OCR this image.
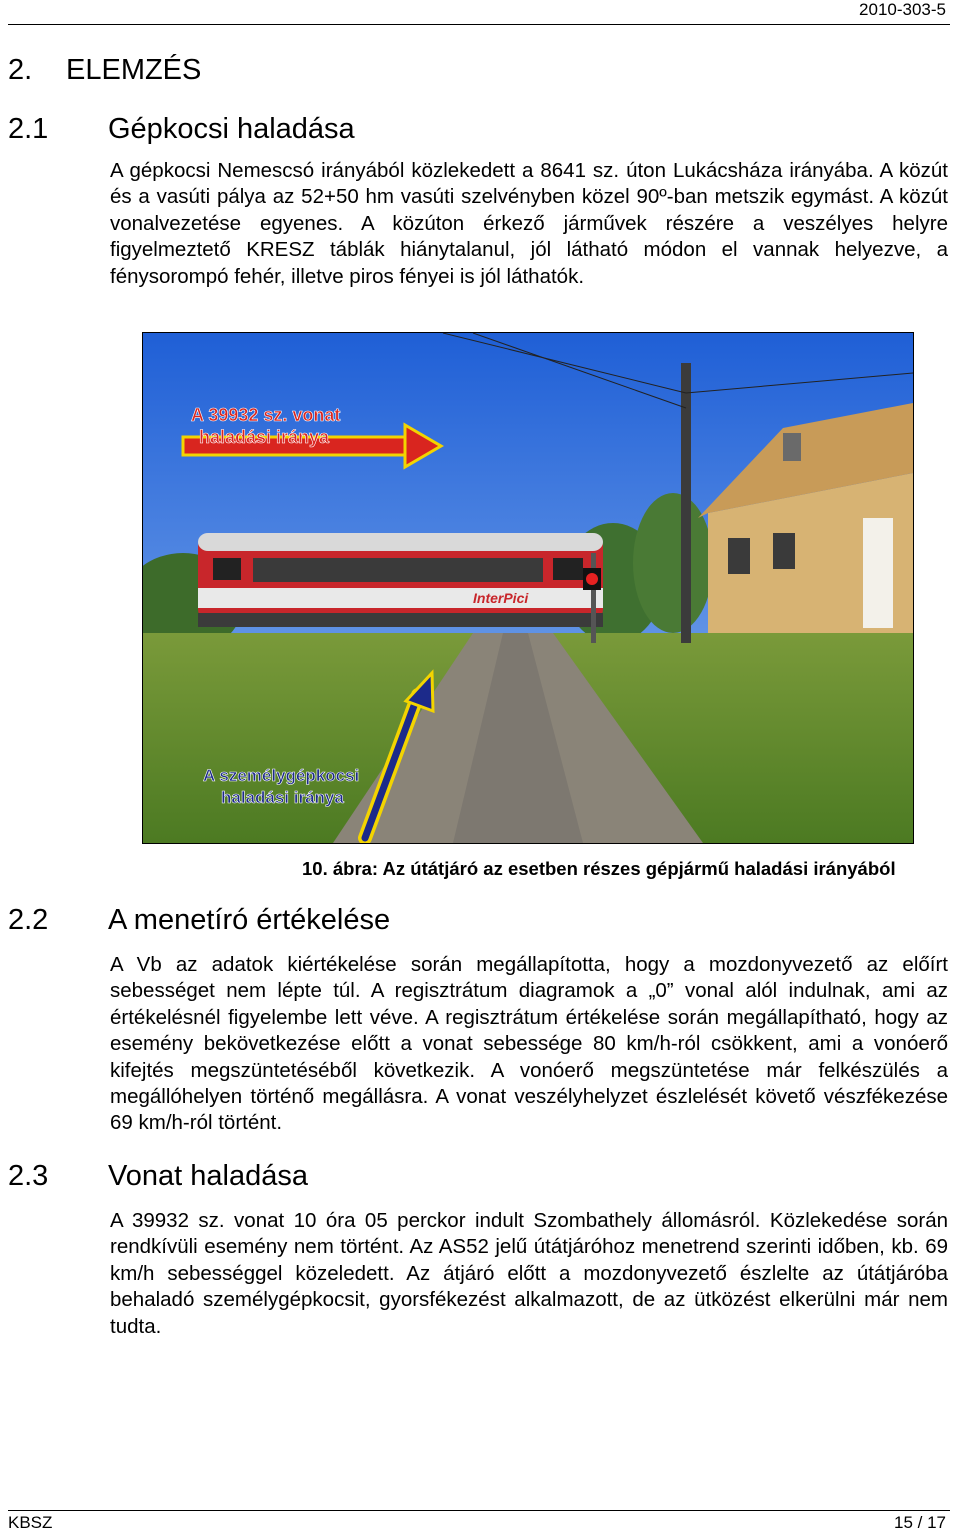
2010-303-5
2. ELEMZÉS
2.1 Gépkocsi haladása

A gépkocsi Nemescsó irányából közlekedett a 8641 sz. úton Lukácsháza irányába. A közút és a vasúti pálya az 52+50 hm vasúti szelvényben közel 90º-ban metszik egymást. A közút vonalvezetése egyenes. A közúton érkező járművek részére a veszélyes helyre figyelmeztető KRESZ táblák hiánytalanul, jól látható módon el vannak helyezve, a fénysorompó fehér, illetve piros fényei is jól láthatók.

InterPici
A 39932 sz. vonat
haladási iránya
A személygépkocsi
haladási iránya
10. ábra: Az útátjáró az esetben részes gépjármű haladási irányából
2.2 A menetíró értékelése

A Vb az adatok kiértékelése során megállapította, hogy a mozdonyvezető az előírt sebességet nem lépte túl. A regisztrátum diagramok a „0” vonal alól indulnak, ami az értékelésnél figyelembe lett véve. A regisztrátum értékelése során megállapítható, hogy az esemény bekövetkezése előtt a vonat sebessége 80 km/h-ról csökkent, ami a vonóerő kifejtés megszüntetéséből következik. A vonóerő megszüntetése már felkészülés a megállóhelyen történő megállásra. A vonat veszélyhelyzet észlelését követő vészfékezése 69 km/h-ról történt.

2.3 Vonat haladása

A 39932 sz. vonat 10 óra 05 perckor indult Szombathely állomásról. Közlekedése során rendkívüli esemény nem történt. Az AS52 jelű útátjáróhoz menetrend szerinti időben, kb. 69 km/h sebességgel közeledett. Az átjáró előtt a mozdonyvezető észlelte az útátjáróba behaladó személygépkocsit, gyorsfékezést alkalmazott, de az ütközést elkerülni már nem tudta.

KBSZ	15 / 17
